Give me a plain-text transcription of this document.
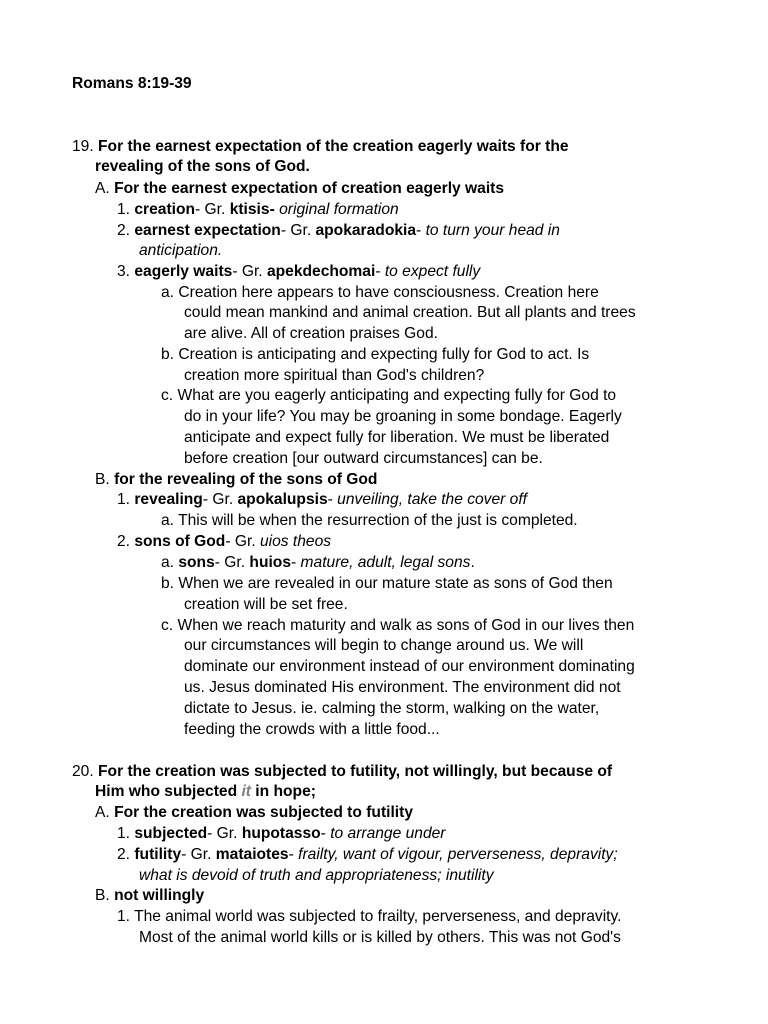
Romans 8:19-39
19. For the earnest expectation of the creation eagerly waits for the
revealing of the sons of God.
A. For the earnest expectation of creation eagerly waits
1. creation- Gr. ktisis- original formation
2. earnest expectation- Gr. apokaradokia- to turn your head in
anticipation.
3. eagerly waits- Gr. apekdechomai- to expect fully
a. Creation here appears to have consciousness. Creation here
could mean mankind and animal creation. But all plants and trees
are alive. All of creation praises God.
b. Creation is anticipating and expecting fully for God to act. Is
creation more spiritual than God's children?
c. What are you eagerly anticipating and expecting fully for God to
do in your life? You may be groaning in some bondage. Eagerly
anticipate and expect fully for liberation. We must be liberated
before creation [our outward circumstances] can be.
B. for the revealing of the sons of God
1. revealing- Gr. apokalupsis- unveiling, take the cover off
a. This will be when the resurrection of the just is completed.
2. sons of God- Gr. uios theos
a. sons- Gr. huios- mature, adult, legal sons.
b. When we are revealed in our mature state as sons of God then
creation will be set free.
c. When we reach maturity and walk as sons of God in our lives then
our circumstances will begin to change around us. We will
dominate our environment instead of our environment dominating
us. Jesus dominated His environment. The environment did not
dictate to Jesus. ie. calming the storm, walking on the water,
feeding the crowds with a little food...
20. For the creation was subjected to futility, not willingly, but because of
Him who subjected it in hope;
A. For the creation was subjected to futility
1. subjected- Gr. hupotasso- to arrange under
2. futility- Gr. mataiotes- frailty, want of vigour, perverseness, depravity;
what is devoid of truth and appropriateness; inutility
B. not willingly
1. The animal world was subjected to frailty, perverseness, and depravity.
Most of the animal world kills or is killed by others. This was not God's
